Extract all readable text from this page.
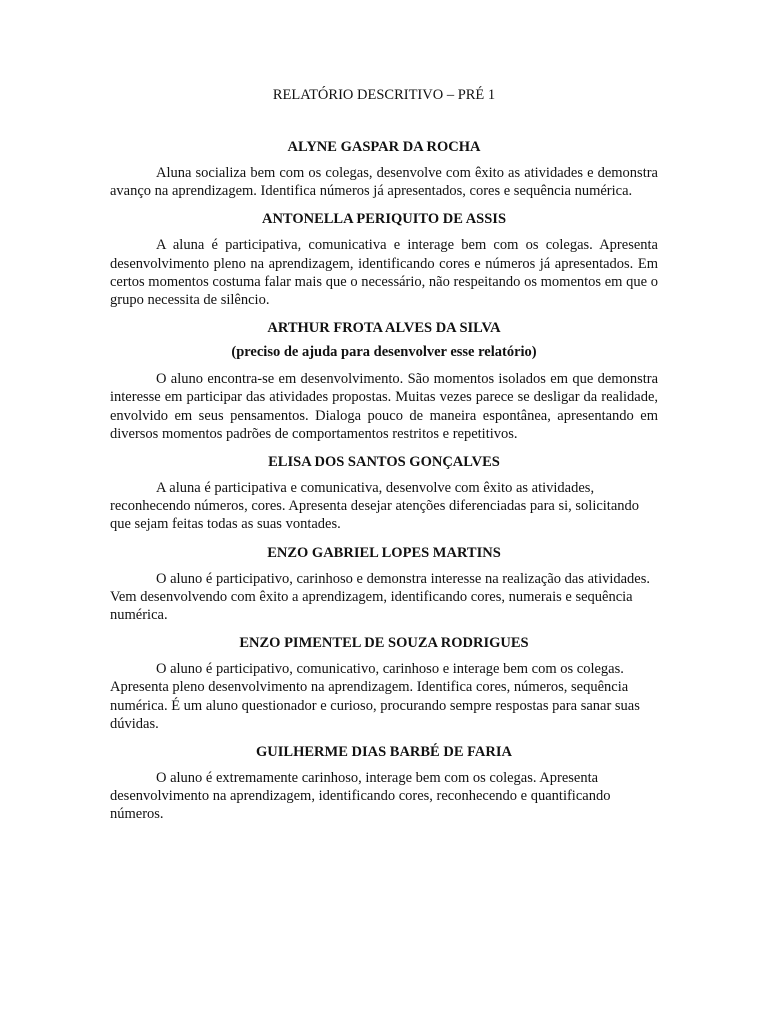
RELATÓRIO DESCRITIVO – PRÉ 1
ALYNE GASPAR DA ROCHA

Aluna socializa bem com os colegas, desenvolve com êxito as atividades e demonstra avanço na aprendizagem. Identifica números já apresentados, cores e sequência numérica.

ANTONELLA PERIQUITO DE ASSIS

A aluna é participativa, comunicativa e interage bem com os colegas. Apresenta desenvolvimento pleno na aprendizagem, identificando cores e números já apresentados. Em certos momentos costuma falar mais que o necessário, não respeitando os momentos em que o grupo necessita de silêncio.

ARTHUR FROTA ALVES DA SILVA
(preciso de ajuda para desenvolver esse relatório)

O aluno encontra-se em desenvolvimento. São momentos isolados em que demonstra interesse em participar das atividades propostas. Muitas vezes parece se desligar da realidade, envolvido em seus pensamentos. Dialoga pouco de maneira espontânea, apresentando em diversos momentos padrões de comportamentos restritos e repetitivos.

ELISA DOS SANTOS GONÇALVES

A aluna é participativa e comunicativa, desenvolve com êxito as atividades, reconhecendo números, cores. Apresenta desejar atenções diferenciadas para si, solicitando que sejam feitas todas as suas vontades.

ENZO GABRIEL LOPES MARTINS

O aluno é participativo, carinhoso e demonstra interesse na realização das atividades. Vem desenvolvendo com êxito a aprendizagem, identificando cores, numerais e sequência numérica.

ENZO PIMENTEL DE SOUZA RODRIGUES

O aluno é participativo, comunicativo, carinhoso e interage bem com os colegas. Apresenta pleno desenvolvimento na aprendizagem. Identifica cores, números, sequência numérica. É um aluno questionador e curioso, procurando sempre respostas para sanar suas dúvidas.

GUILHERME DIAS BARBÉ DE FARIA

O aluno é extremamente carinhoso, interage bem com os colegas. Apresenta desenvolvimento na aprendizagem, identificando cores, reconhecendo e quantificando números.
